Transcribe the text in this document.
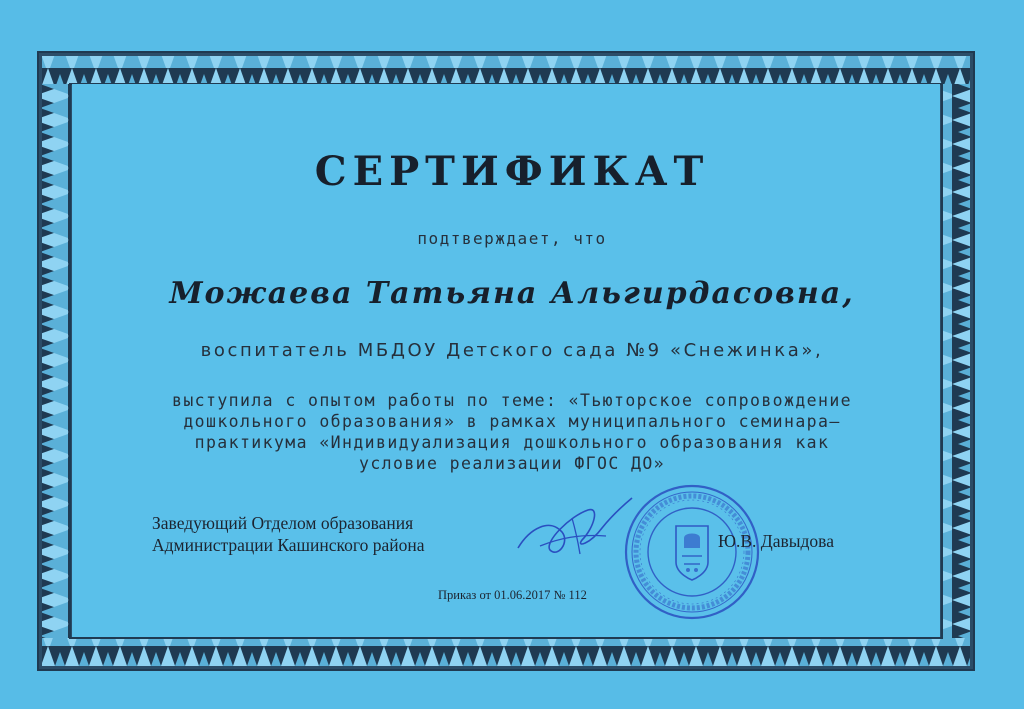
СЕРТИФИКАТ
подтверждает, что
Можаева Татьяна Альгирдасовна,
воспитатель МБДОУ Детского сада №9 «Снежинка»,
выступила с опытом работы по теме: «Тьюторское сопровождение
дошкольного образования» в рамках муниципального семинара–
практикума «Индивидуализация дошкольного образования как
условие реализации ФГОС ДО»
Заведующий Отделом образования
Администрации Кашинского района	Ю.В. Давыдова
Приказ от 01.06.2017 № 112
